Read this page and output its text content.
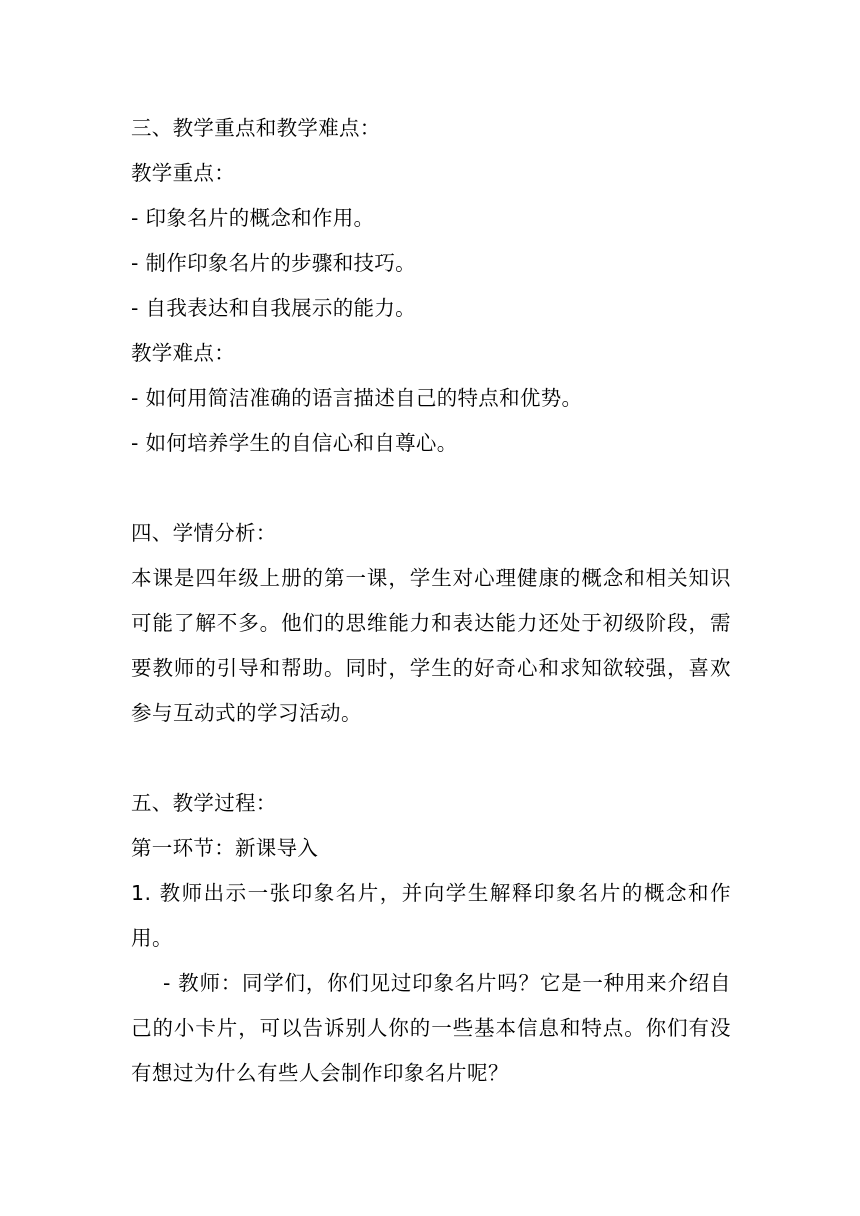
三、教学重点和教学难点：
教学重点：
- 印象名片的概念和作用。
- 制作印象名片的步骤和技巧。
- 自我表达和自我展示的能力。
教学难点：
- 如何用简洁准确的语言描述自己的特点和优势。
- 如何培养学生的自信心和自尊心。
四、学情分析：
本课是四年级上册的第一课，学生对心理健康的概念和相关知识可能了解不多。他们的思维能力和表达能力还处于初级阶段，需要教师的引导和帮助。同时，学生的好奇心和求知欲较强，喜欢参与互动式的学习活动。
五、教学过程：
第一环节：新课导入
1. 教师出示一张印象名片，并向学生解释印象名片的概念和作用。
- 教师：同学们，你们见过印象名片吗？它是一种用来介绍自己的小卡片，可以告诉别人你的一些基本信息和特点。你们有没有想过为什么有些人会制作印象名片呢？
